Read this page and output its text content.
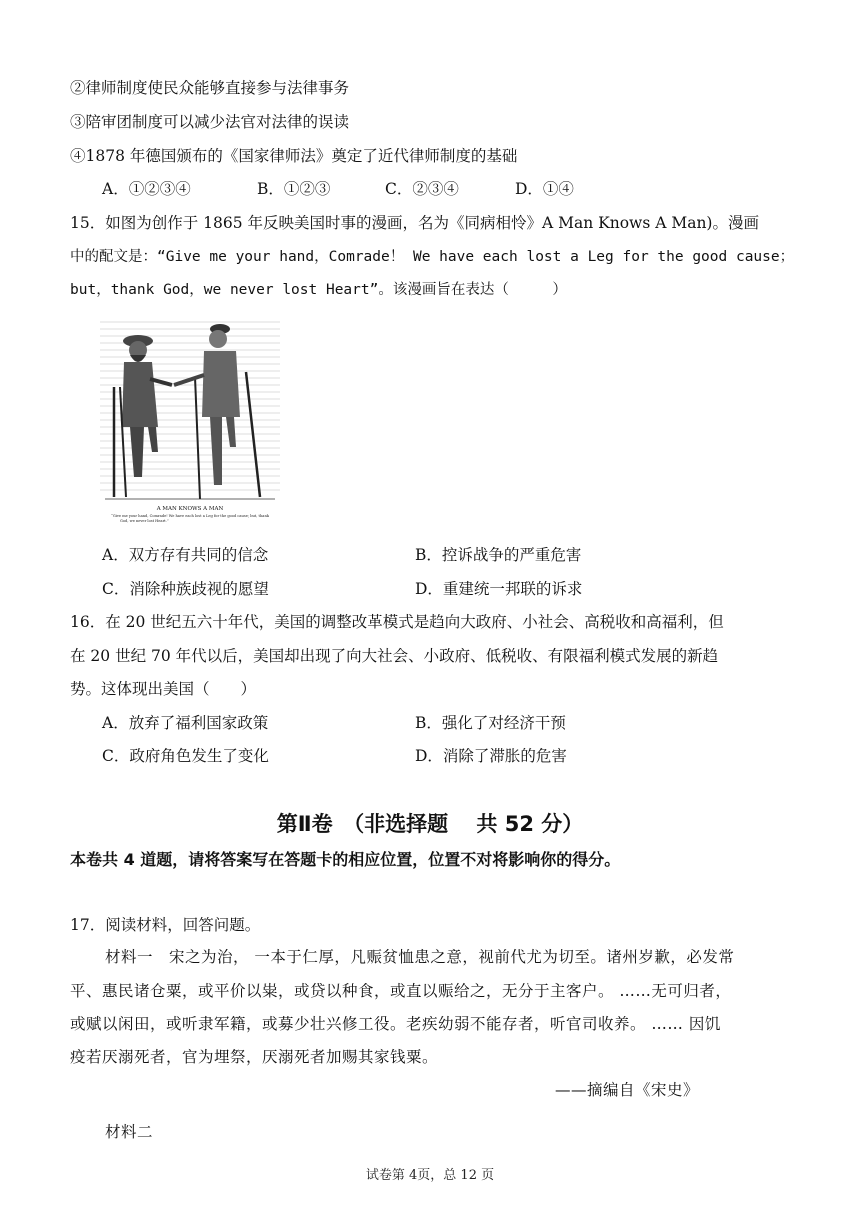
②律师制度使民众能够直接参与法律事务
③陪审团制度可以减少法官对法律的误读
④1878 年德国颁布的《国家律师法》奠定了近代律师制度的基础
A．①②③④	B．①②③	C．②③④	D．①④
15．如图为创作于 1865 年反映美国时事的漫画，名为《同病相怜》A Man Knows A Man)。漫画
中的配文是：“Give me your hand，Comrade！ We have each lost a Leg for the good cause；
but，thank God，we never lost Heart”。该漫画旨在表达（　　　）
A MAN KNOWS A MAN
“Give me your hand, Comrade! We have each lost a Leg for the good cause; but, thank
God, we never lost Heart.”
A．双方存有共同的信念	B．控诉战争的严重危害
C．消除种族歧视的愿望	D．重建统一邦联的诉求
16．在 20 世纪五六十年代，美国的调整改革模式是趋向大政府、小社会、高税收和高福利，但
在 20 世纪 70 年代以后，美国却出现了向大社会、小政府、低税收、有限福利模式发展的新趋
势。这体现出美国（　　）
A．放弃了福利国家政策	B．强化了对经济干预
C．政府角色发生了变化	D．消除了滞胀的危害
第Ⅱ卷　（非选择题　 共 52 分）
本卷共 4 道题，请将答案写在答题卡的相应位置，位置不对将影响你的得分。
17．阅读材料，回答问题。
材料一　宋之为治， 一本于仁厚，凡赈贫恤患之意，视前代尤为切至。诸州岁歉，必发常
平、惠民诸仓粟，或平价以粜，或贷以种食，或直以赈给之，无分于主客户。 ……无可归者，
或赋以闲田，或听隶军籍，或募少壮兴修工役。老疾幼弱不能存者，听官司收养。 …… 因饥
疫若厌溺死者，官为埋祭，厌溺死者加赐其家钱粟。
——摘编自《宋史》
材料二
试卷第 4页，总 12 页
